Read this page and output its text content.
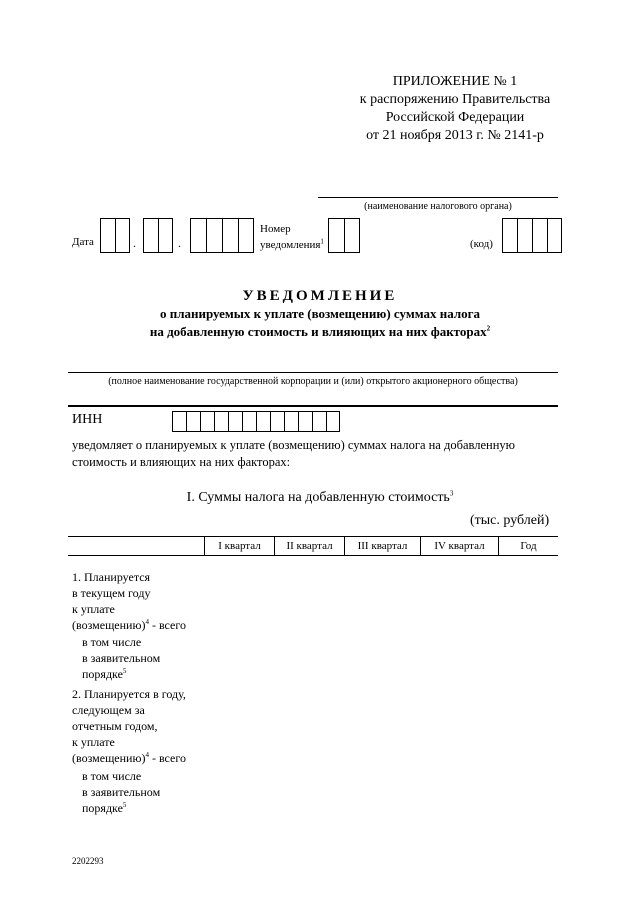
ПРИЛОЖЕНИЕ № 1
к распоряжению Правительства
Российской Федерации
от 21 ноября 2013 г. № 2141-р
(наименование налогового органа)
Дата	.	.
Номер
уведомления$^1$	(код)
УВЕДОМЛЕНИЕ
о планируемых к уплате (возмещению) суммах налога
на добавленную стоимость и влияющих на них факторах$^2$
(полное наименование государственной корпорации и (или) открытого акционерного общества)
ИНН
уведомляет о планируемых к уплате (возмещению) суммах налога на добавленную
стоимость и влияющих на них факторах:
I. Суммы налога на добавленную стоимость$^3$
(тыс. рублей)
I квартал	II квартал	III квартал	IV квартал	Год
1. Планируется
в текущем году
к уплате
(возмещению)$^4$ - всего
в том числе
в заявительном
порядке$^5$
2. Планируется в году,
следующем за
отчетным годом,
к уплате
(возмещению)$^4$ - всего
в том числе
в заявительном
порядке$^5$
2202293
